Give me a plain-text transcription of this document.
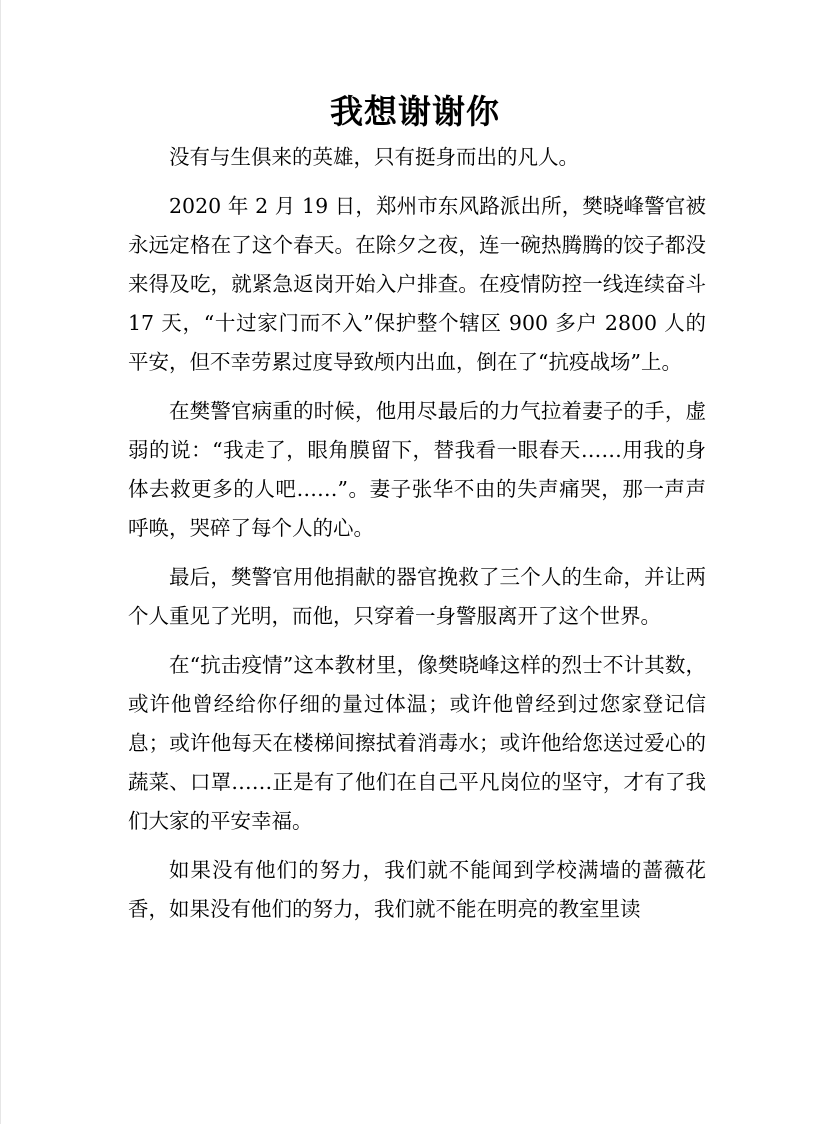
我想谢谢你

没有与生俱来的英雄，只有挺身而出的凡人。

2020 年 2 月 19 日，郑州市东风路派出所，樊晓峰警官被永远定格在了这个春天。在除夕之夜，连一碗热腾腾的饺子都没来得及吃，就紧急返岗开始入户排查。在疫情防控一线连续奋斗 17 天，“十过家门而不入”保护整个辖区 900 多户 2800 人的平安，但不幸劳累过度导致颅内出血，倒在了“抗疫战场”上。

在樊警官病重的时候，他用尽最后的力气拉着妻子的手，虚弱的说：“我走了，眼角膜留下，替我看一眼春天……用我的身体去救更多的人吧……”。妻子张华不由的失声痛哭，那一声声呼唤，哭碎了每个人的心。

最后，樊警官用他捐献的器官挽救了三个人的生命，并让两个人重见了光明，而他，只穿着一身警服离开了这个世界。

在“抗击疫情”这本教材里，像樊晓峰这样的烈士不计其数，或许他曾经给你仔细的量过体温；或许他曾经到过您家登记信息；或许他每天在楼梯间擦拭着消毒水；或许他给您送过爱心的蔬菜、口罩……正是有了他们在自己平凡岗位的坚守，才有了我们大家的平安幸福。

如果没有他们的努力，我们就不能闻到学校满墙的蔷薇花香，如果没有他们的努力，我们就不能在明亮的教室里读
